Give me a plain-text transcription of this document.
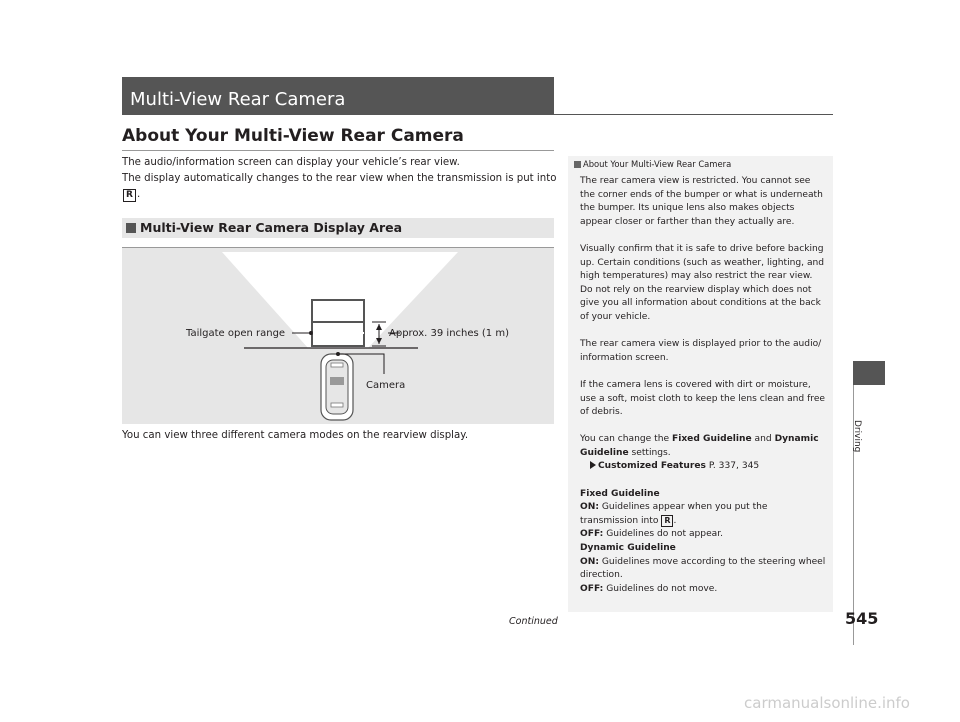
Multi-View Rear Camera
About Your Multi-View Rear Camera
The audio/information screen can display your vehicle’s rear view.
The display automatically changes to the rear view when the transmission is put into
R .
Multi-View Rear Camera Display Area
Tailgate open range	Approx. 39 inches (1 m)
Camera
You can view three different camera modes on the rearview display.
About Your Multi-View Rear Camera

The rear camera view is restricted. You cannot see the corner ends of the bumper or what is underneath the bumper. Its unique lens also makes objects appear closer or farther than they actually are.

Visually confirm that it is safe to drive before backing up. Certain conditions (such as weather, lighting, and high temperatures) may also restrict the rear view. Do not rely on the rearview display which does not give you all information about conditions at the back of your vehicle.

The rear camera view is displayed prior to the audio/ information screen.

If the camera lens is covered with dirt or moisture, use a soft, moist cloth to keep the lens clean and free of debris.

You can change the Fixed Guideline and Dynamic Guideline settings.

Customized Features P. 337, 345

Fixed Guideline
ON: Guidelines appear when you put the transmission into R .
OFF: Guidelines do not appear.
Dynamic Guideline
ON: Guidelines move according to the steering wheel direction.
OFF: Guidelines do not move.
Driving
Continued	545
carmanualsonline.info
